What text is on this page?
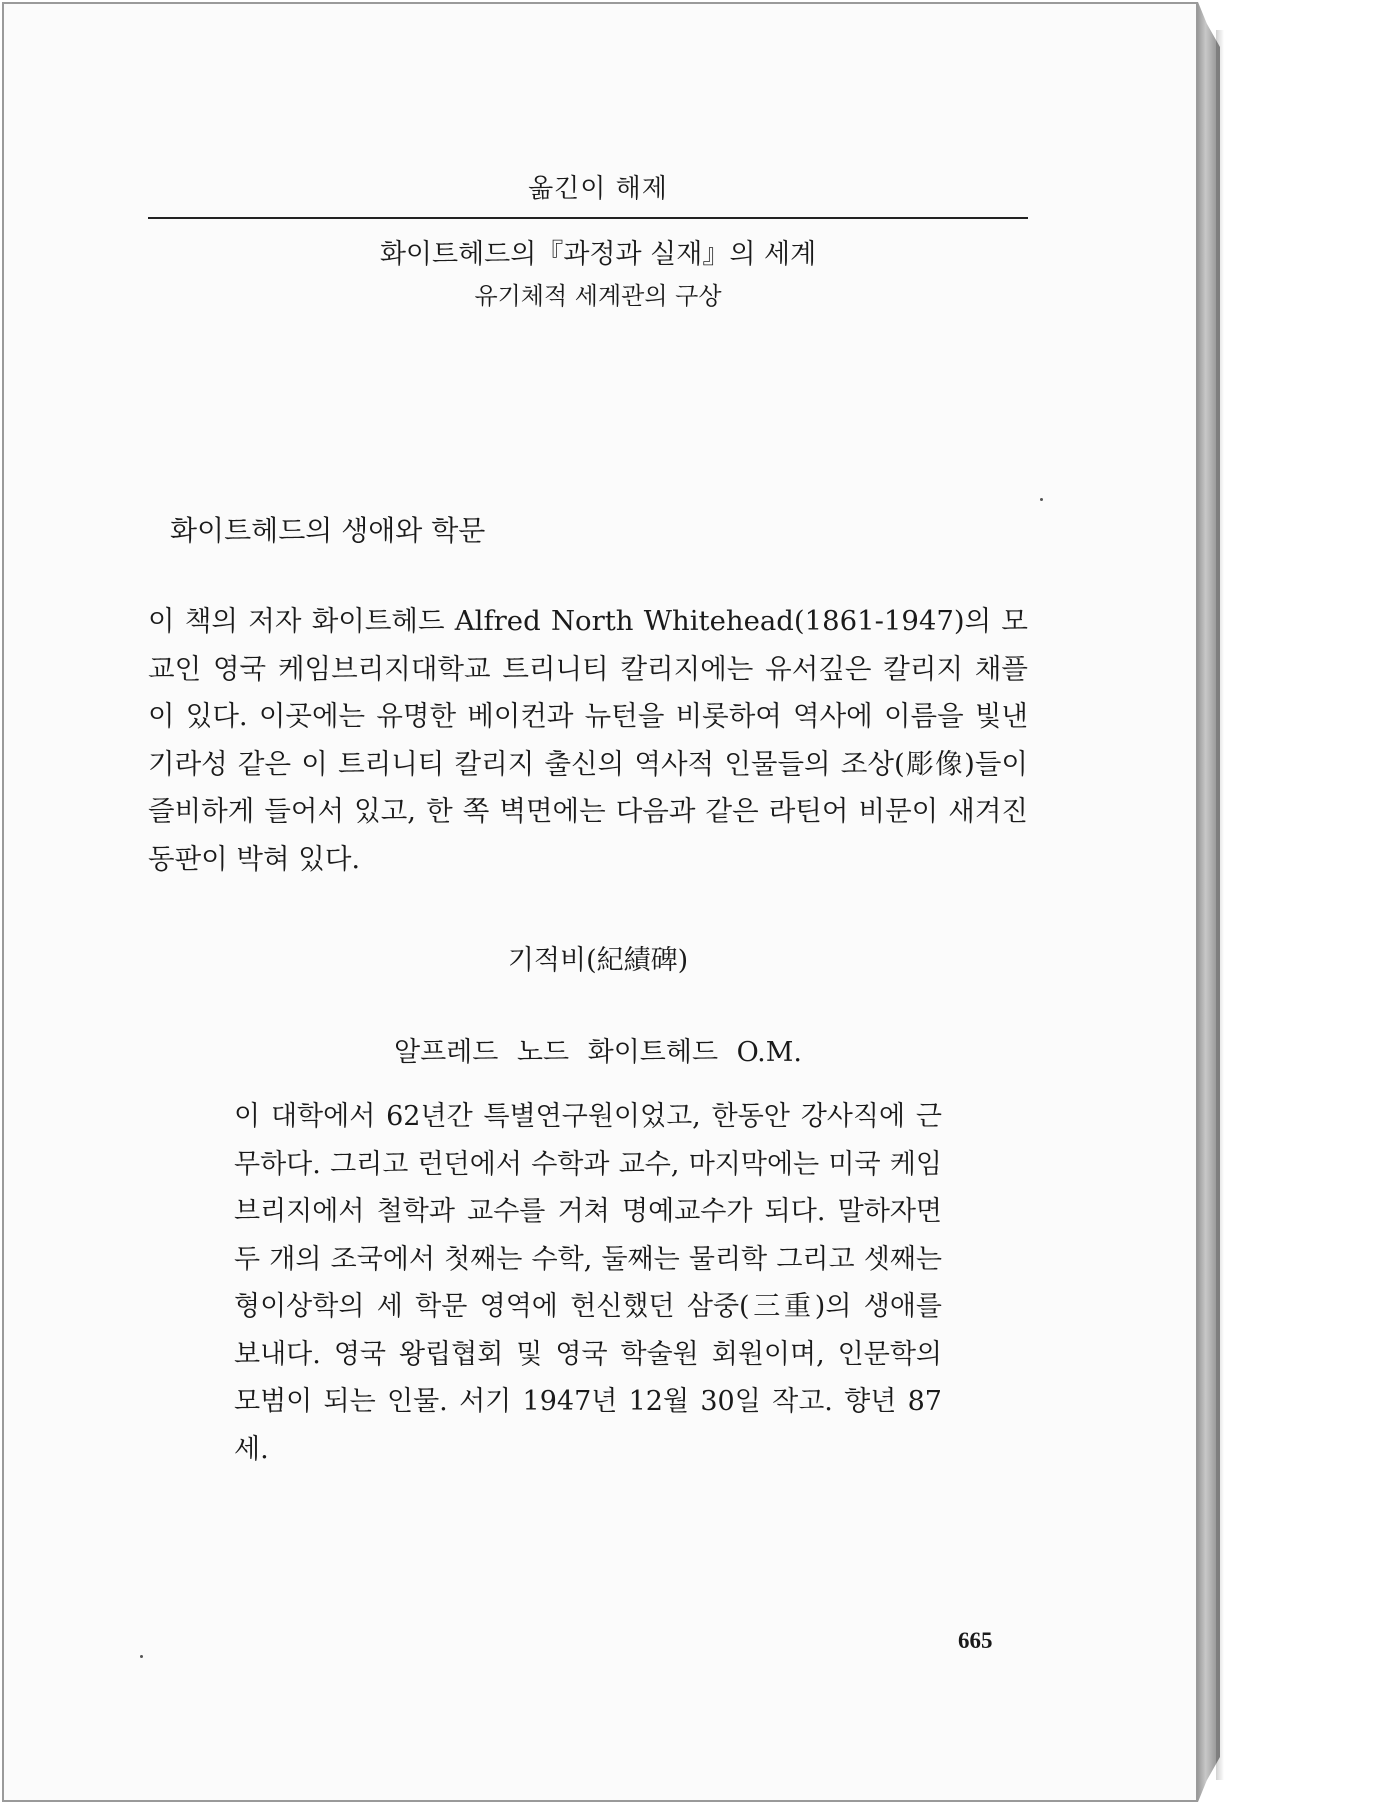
옮긴이 해제
화이트헤드의『과정과 실재』의 세계
유기체적 세계관의 구상
화이트헤드의 생애와 학문

이 책의 저자 화이트헤드 Alfred North Whitehead(1861-1947)의 모교인 영국 케임브리지대학교 트리니티 칼리지에는 유서깊은 칼리지 채플이 있다. 이곳에는 유명한 베이컨과 뉴턴을 비롯하여 역사에 이름을 빛낸 기라성 같은 이 트리니티 칼리지 출신의 역사적 인물들의 조상(彫像)들이 즐비하게 들어서 있고, 한 쪽 벽면에는 다음과 같은 라틴어 비문이 새겨진 동판이 박혀 있다.

기적비(紀績碑)
알프레드 노드 화이트헤드 O.M.

이 대학에서 62년간 특별연구원이었고, 한동안 강사직에 근무하다. 그리고 런던에서 수학과 교수, 마지막에는 미국 케임브리지에서 철학과 교수를 거쳐 명예교수가 되다. 말하자면 두 개의 조국에서 첫째는 수학, 둘째는 물리학 그리고 셋째는 형이상학의 세 학문 영역에 헌신했던 삼중(三重)의 생애를 보내다. 영국 왕립협회 및 영국 학술원 회원이며, 인문학의 모범이 되는 인물. 서기 1947년 12월 30일 작고. 향년 87세.

665
